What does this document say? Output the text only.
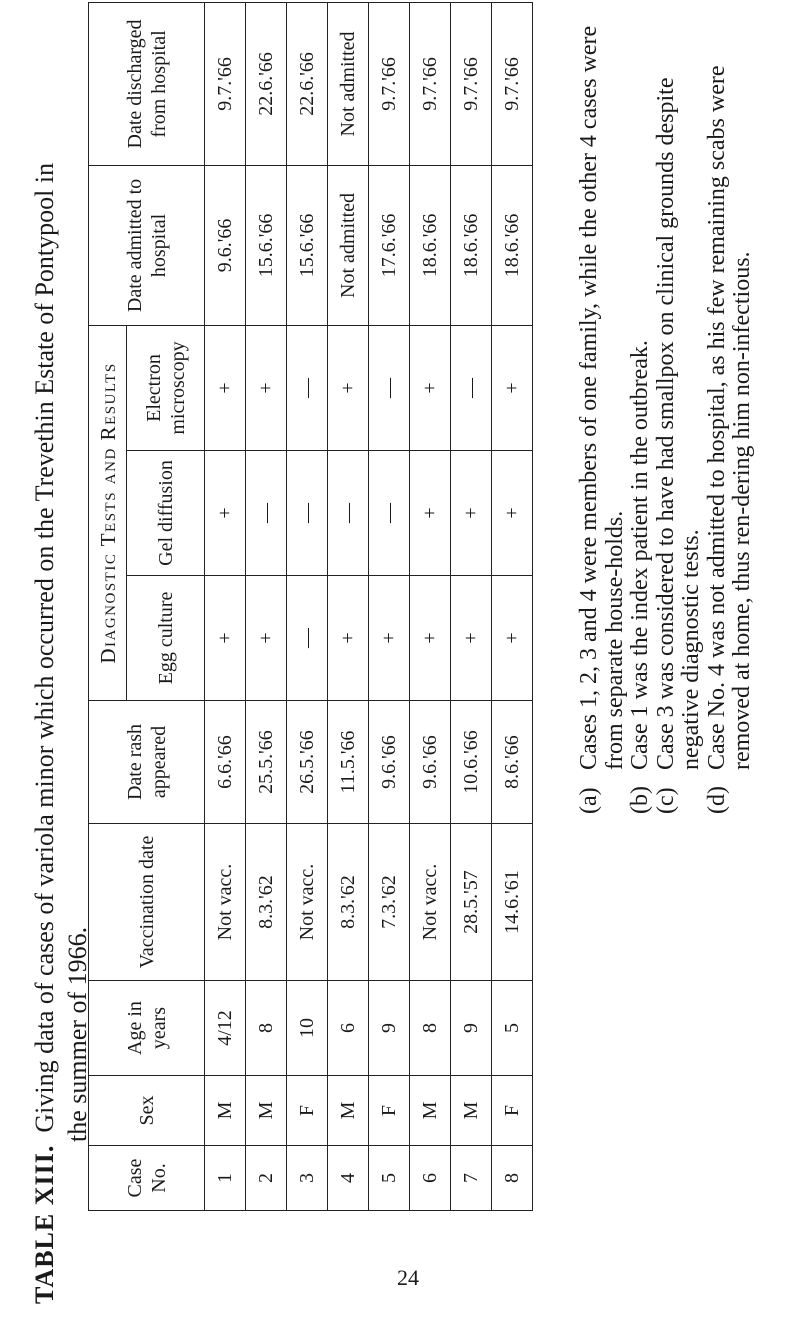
TABLE XIII.Giving data of cases of variola minor which occurred on the Trevethin Estate of Pontypool in the summer of 1966.
Case No.	Sex	Age in years	Vaccination date	Date rash appeared	Diagnostic Tests and Results			Date admitted to hospital	Date discharged from hospital
					Egg culture	Gel diffusion	Electron microscopy		
1	M	4/12	Not vacc.	6.6.'66	+	+	+	9.6.'66	9.7.'66
2	M	8	8.3.'62	25.5.'66	+	—	+	15.6.'66	22.6.'66
3	F	10	Not vacc.	26.5.'66	—	—	—	15.6.'66	22.6.'66
4	M	6	8.3.'62	11.5.'66	+	—	+	Not admitted	Not admitted
5	F	9	7.3.'62	9.6.'66	+	—	—	17.6.'66	9.7.'66
6	M	8	Not vacc.	9.6.'66	+	+	+	18.6.'66	9.7.'66
7	M	9	28.5.'57	10.6.'66	+	+	—	18.6.'66	9.7.'66
8	F	5	14.6.'61	8.6.'66	+	+	+	18.6.'66	9.7.'66
(a)
Cases 1, 2, 3 and 4 were members of one family, while the other 4 cases were from separate house-holds.
(b)
Case 1 was the index patient in the outbreak.
(c)
Case 3 was considered to have had smallpox on clinical grounds despite negative diagnostic tests.
(d)
Case No. 4 was not admitted to hospital, as his few remaining scabs were removed at home, thus ren-dering him non-infectious.
24
